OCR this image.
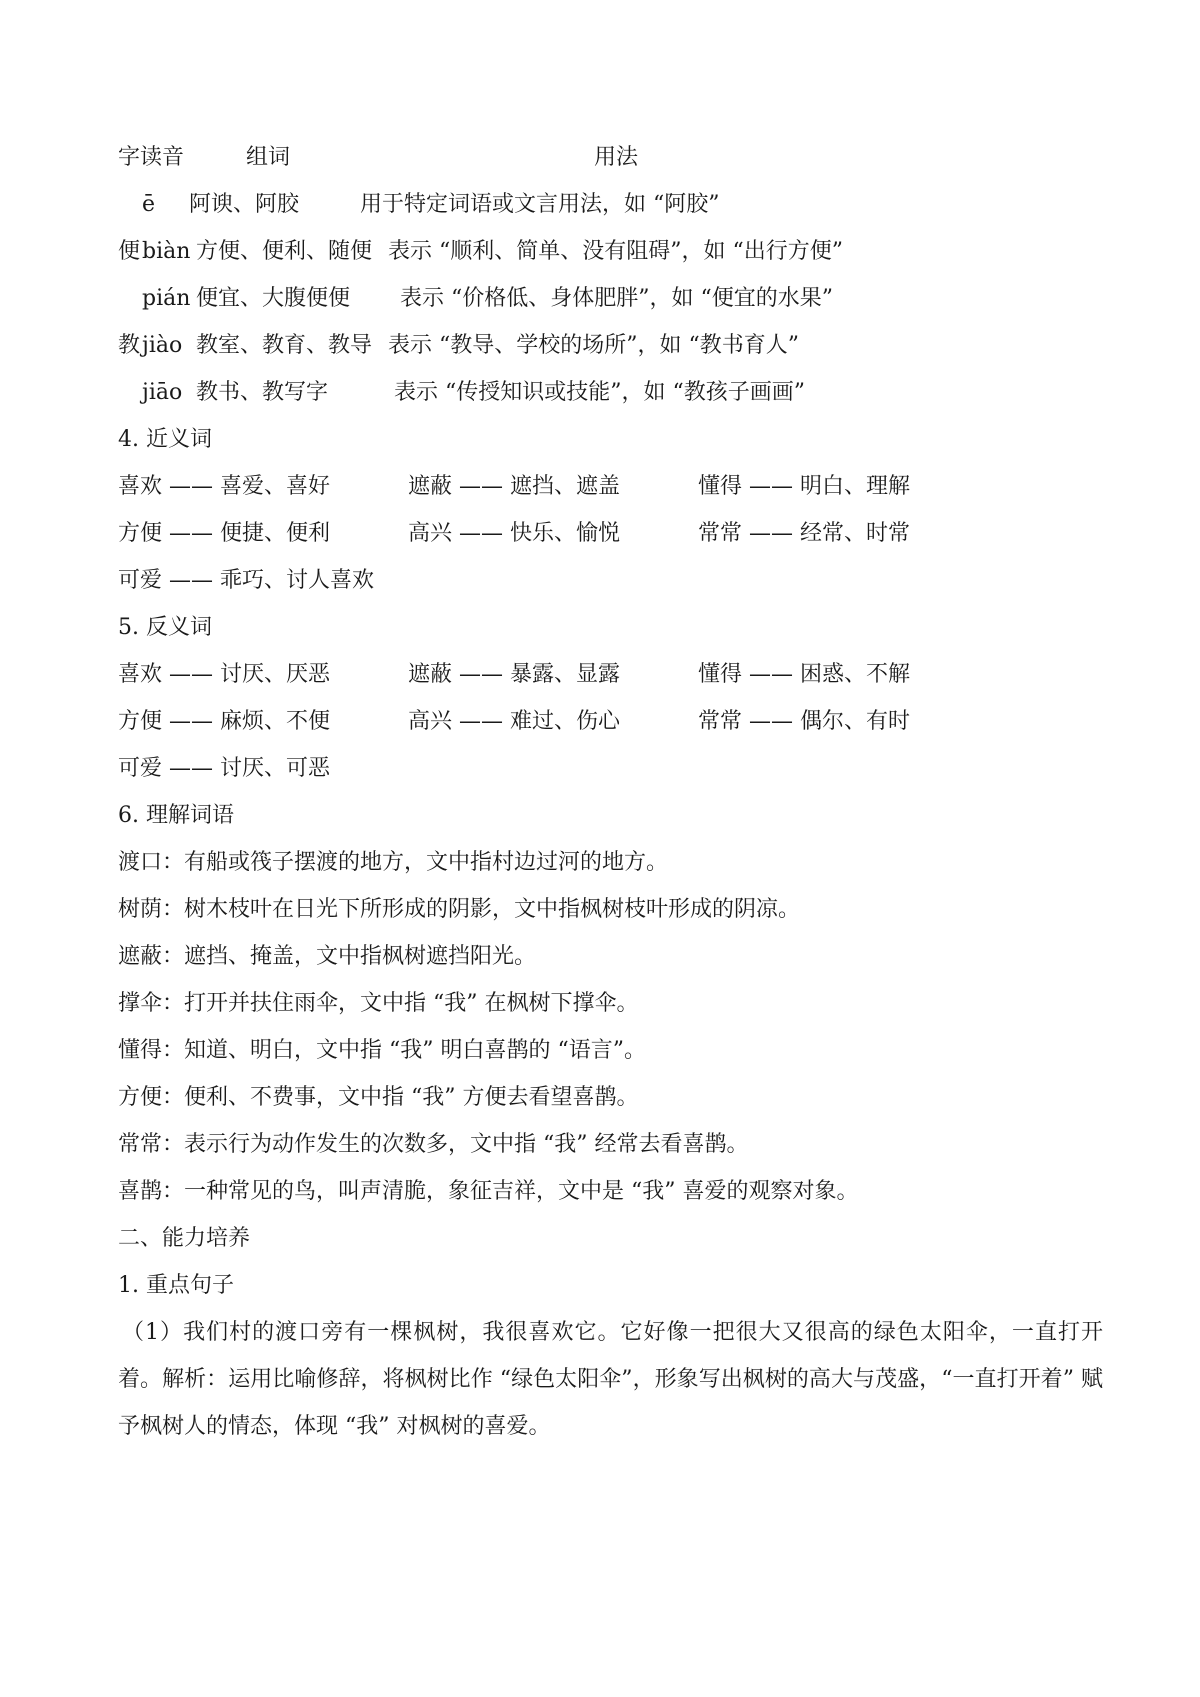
字读音	组词	用法
ē 阿谀、阿胶	用于特定词语或文言用法，如 “阿胶”
便 biàn 方便、便利、随便 表示 “顺利、简单、没有阻碍”，如 “出行方便”
pián 便宜、大腹便便 表示 “价格低、身体肥胖”，如 “便宜的水果”
教 jiào 教室、教育、教导 表示 “教导、学校的场所”，如 “教书育人”
jiāo 教书、教写字	表示 “传授知识或技能”，如 “教孩子画画”
4. 近义词
喜欢 —— 喜爱、喜好	遮蔽 —— 遮挡、遮盖	懂得 —— 明白、理解
方便 —— 便捷、便利	高兴 —— 快乐、愉悦	常常 —— 经常、时常
可爱 —— 乖巧、讨人喜欢
5. 反义词
喜欢 —— 讨厌、厌恶	遮蔽 —— 暴露、显露	懂得 —— 困惑、不解
方便 —— 麻烦、不便	高兴 —— 难过、伤心	常常 —— 偶尔、有时
可爱 —— 讨厌、可恶
6. 理解词语
渡口：有船或筏子摆渡的地方，文中指村边过河的地方。
树荫：树木枝叶在日光下所形成的阴影，文中指枫树枝叶形成的阴凉。
遮蔽：遮挡、掩盖，文中指枫树遮挡阳光。
撑伞：打开并扶住雨伞，文中指 “我” 在枫树下撑伞。
懂得：知道、明白，文中指 “我” 明白喜鹊的 “语言”。
方便：便利、不费事，文中指 “我” 方便去看望喜鹊。
常常：表示行为动作发生的次数多，文中指 “我” 经常去看喜鹊。
喜鹊：一种常见的鸟，叫声清脆，象征吉祥，文中是 “我” 喜爱的观察对象。
二、能力培养
1. 重点句子
（1）我们村的渡口旁有一棵枫树，我很喜欢它。它好像一把很大又很高的绿色太阳伞，一直打开着。解析：运用比喻修辞，将枫树比作 “绿色太阳伞”，形象写出枫树的高大与茂盛，“一直打开着” 赋予枫树人的情态，体现 “我” 对枫树的喜爱。
